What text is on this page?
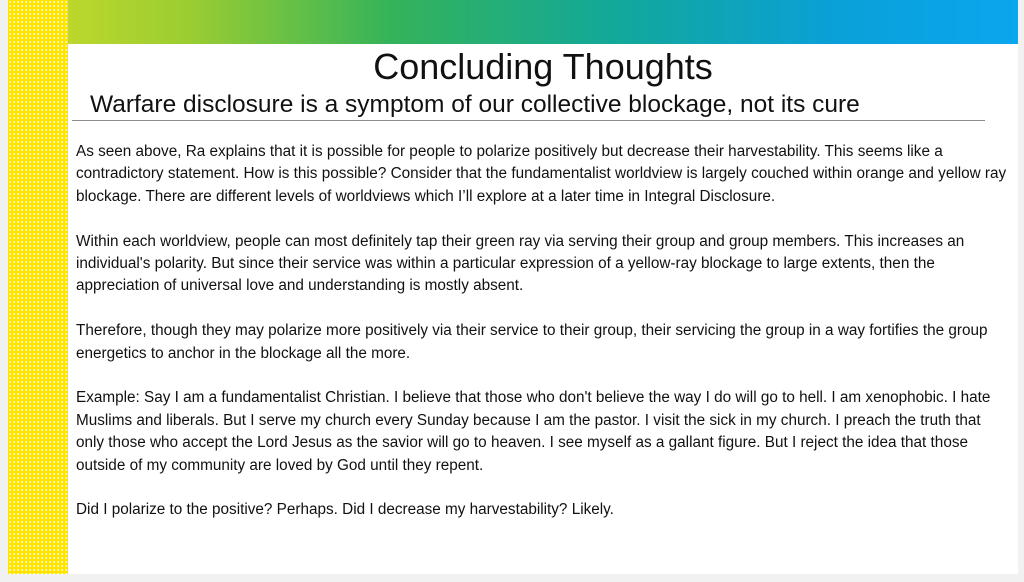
Concluding Thoughts
Warfare disclosure is a symptom of our collective blockage, not its cure

As seen above, Ra explains that it is possible for people to polarize positively but decrease their harvestability. This seems like a contradictory statement. How is this possible? Consider that the fundamentalist worldview is largely couched within orange and yellow ray blockage. There are different levels of worldviews which I’ll explore at a later time in Integral Disclosure.

Within each worldview, people can most definitely tap their green ray via serving their group and group members. This increases an individual's polarity. But since their service was within a particular expression of a yellow-ray blockage to large extents, then the appreciation of universal love and understanding is mostly absent.

Therefore, though they may polarize more positively via their service to their group, their servicing the group in a way fortifies the group energetics to anchor in the blockage all the more.

Example: Say I am a fundamentalist Christian. I believe that those who don't believe the way I do will go to hell. I am xenophobic. I hate Muslims and liberals. But I serve my church every Sunday because I am the pastor. I visit the sick in my church. I preach the truth that only those who accept the Lord Jesus as the savior will go to heaven. I see myself as a gallant figure. But I reject the idea that those outside of my community are loved by God until they repent.

Did I polarize to the positive? Perhaps. Did I decrease my harvestability? Likely.
